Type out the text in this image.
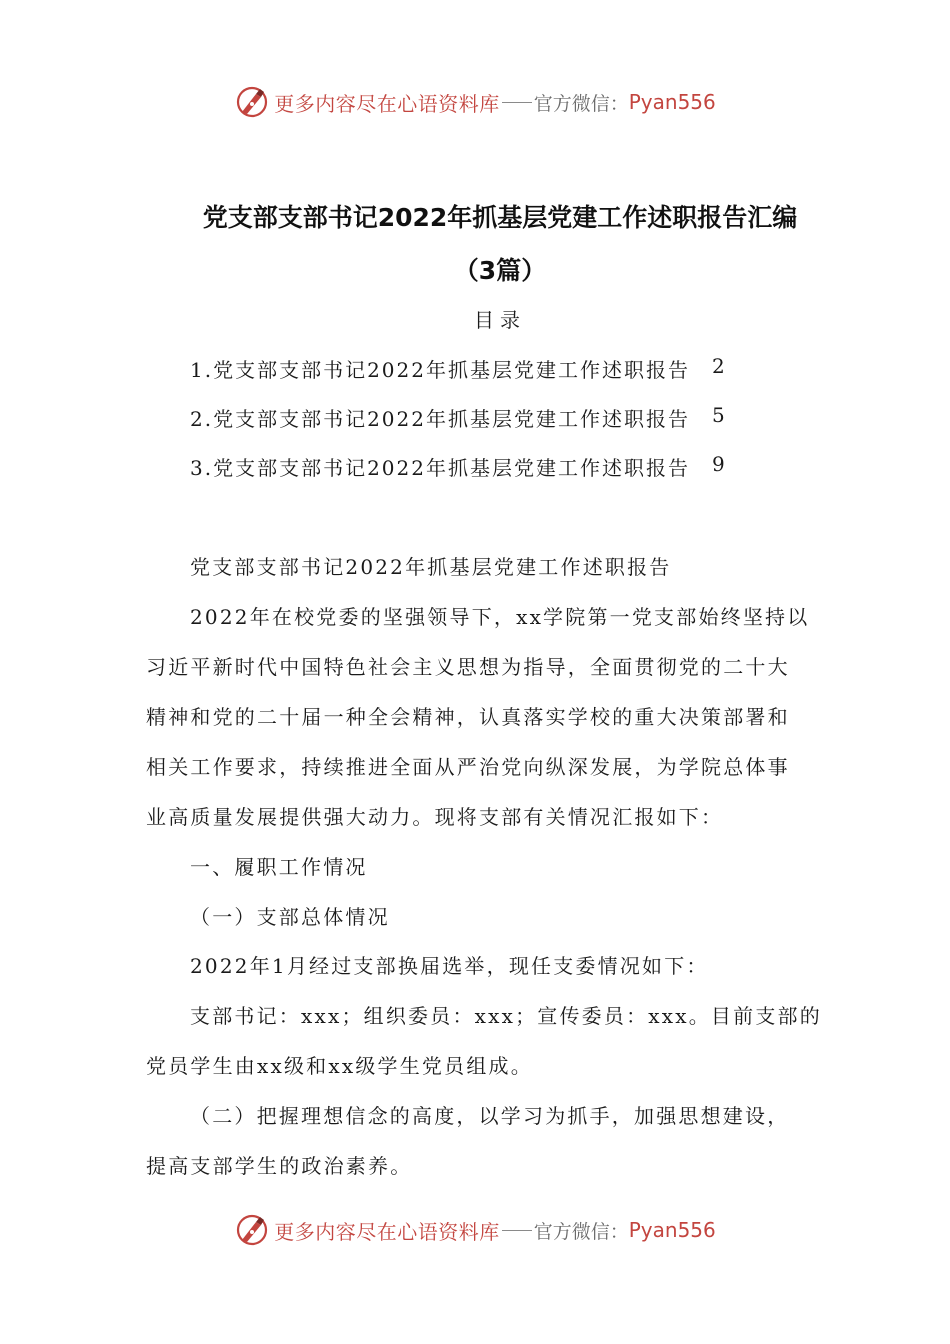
更多内容尽在心语资料库 官方微信： Pyan556
党支部支部书记2022年抓基层党建工作述职报告汇编
（3篇）
目录
1.党支部支部书记2022年抓基层党建工作述职报告 2
2.党支部支部书记2022年抓基层党建工作述职报告 5
3.党支部支部书记2022年抓基层党建工作述职报告 9
党支部支部书记2022年抓基层党建工作述职报告
2022年在校党委的坚强领导下，xx学院第一党支部始终坚持以
习近平新时代中国特色社会主义思想为指导，全面贯彻党的二十大
精神和党的二十届一种全会精神，认真落实学校的重大决策部署和
相关工作要求，持续推进全面从严治党向纵深发展，为学院总体事
业高质量发展提供强大动力。现将支部有关情况汇报如下：
一、履职工作情况
（一）支部总体情况
2022年1月经过支部换届选举，现任支委情况如下：
支部书记：xxx；组织委员：xxx；宣传委员：xxx。目前支部的
党员学生由xx级和xx级学生党员组成。
（二）把握理想信念的高度，以学习为抓手，加强思想建设，
提高支部学生的政治素养。
更多内容尽在心语资料库 官方微信： Pyan556
